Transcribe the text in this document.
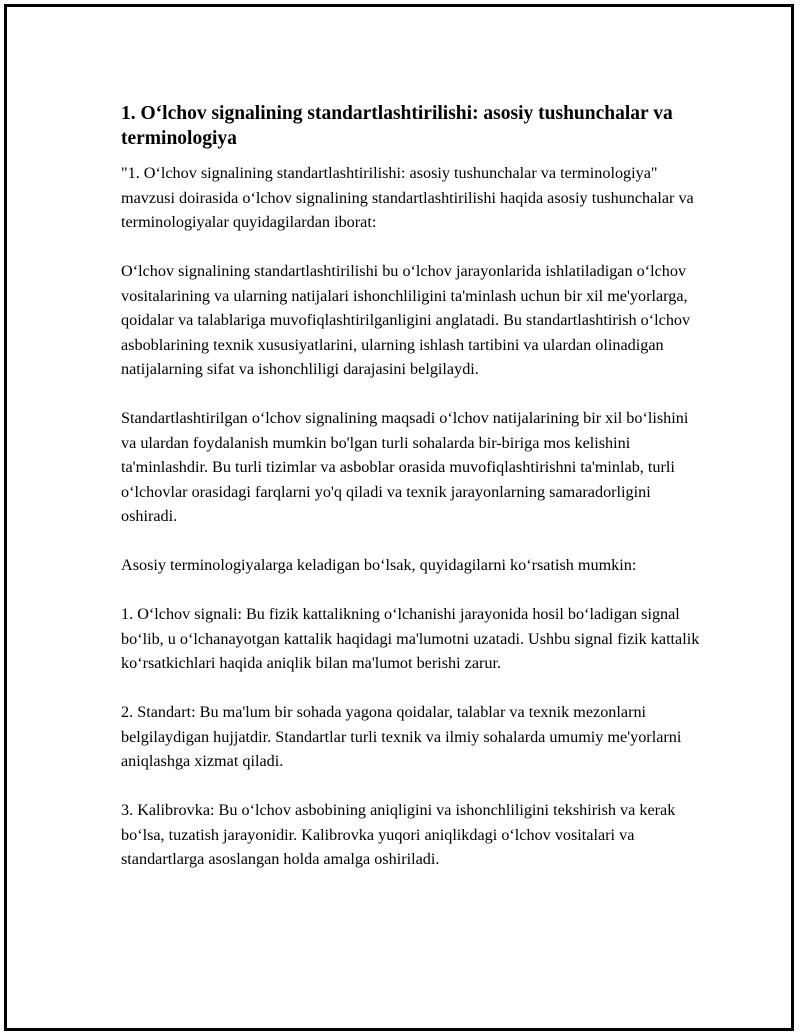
1. Oʻlchov signalining standartlashtirilishi: asosiy tushunchalar va terminologiya

"1. Oʻlchov signalining standartlashtirilishi: asosiy tushunchalar va terminologiya" mavzusi doirasida oʻlchov signalining standartlashtirilishi haqida asosiy tushunchalar va terminologiyalar quyidagilardan iborat:

Oʻlchov signalining standartlashtirilishi bu oʻlchov jarayonlarida ishlatiladigan oʻlchov vositalarining va ularning natijalari ishonchliligini ta'minlash uchun bir xil me'yorlarga, qoidalar va talablariga muvofiqlashtirilganligini anglatadi. Bu standartlashtirish oʻlchov asboblarining texnik xususiyatlarini, ularning ishlash tartibini va ulardan olinadigan natijalarning sifat va ishonchliligi darajasini belgilaydi.

Standartlashtirilgan oʻlchov signalining maqsadi oʻlchov natijalarining bir xil boʻlishini va ulardan foydalanish mumkin bo'lgan turli sohalarda bir-biriga mos kelishini ta'minlashdir. Bu turli tizimlar va asboblar orasida muvofiqlashtirishni ta'minlab, turli oʻlchovlar orasidagi farqlarni yo'q qiladi va texnik jarayonlarning samaradorligini oshiradi.

Asosiy terminologiyalarga keladigan boʻlsak, quyidagilarni koʻrsatish mumkin:

1. Oʻlchov signali: Bu fizik kattalikning oʻlchanishi jarayonida hosil boʻladigan signal boʻlib, u oʻlchanayotgan kattalik haqidagi ma'lumotni uzatadi. Ushbu signal fizik kattalik koʻrsatkichlari haqida aniqlik bilan ma'lumot berishi zarur.

2. Standart: Bu ma'lum bir sohada yagona qoidalar, talablar va texnik mezonlarni belgilaydigan hujjatdir. Standartlar turli texnik va ilmiy sohalarda umumiy me'yorlarni aniqlashga xizmat qiladi.

3. Kalibrovka: Bu oʻlchov asbobining aniqligini va ishonchliligini tekshirish va kerak boʻlsa, tuzatish jarayonidir. Kalibrovka yuqori aniqlikdagi oʻlchov vositalari va standartlarga asoslangan holda amalga oshiriladi.
